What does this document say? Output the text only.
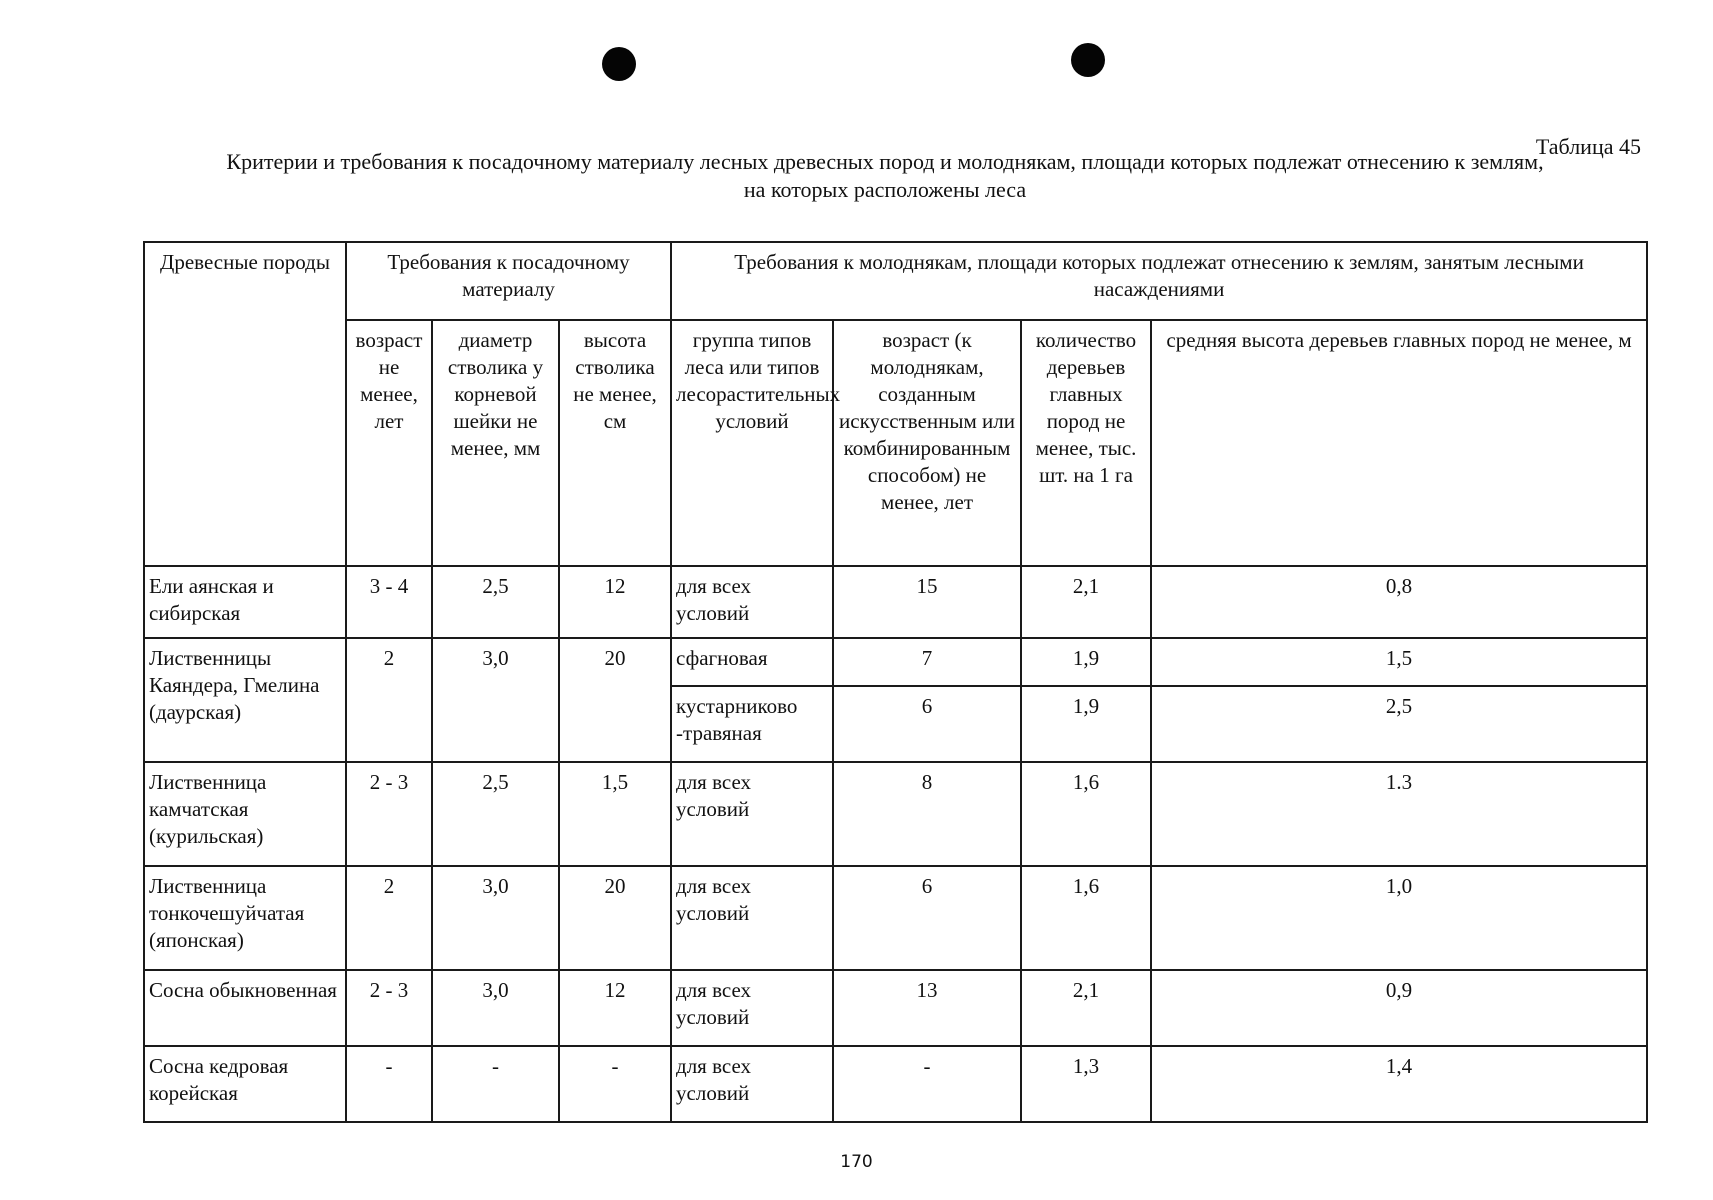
Таблица 45
Критерии и требования к посадочному материалу лесных древесных пород и молоднякам, площади которых подлежат отнесению к землям,
на которых расположены леса
Древесные породы	Требования к посадочному материалу			Требования к молоднякам, площади которых подлежат отнесению к землям, занятым лесными насаждениями			
	возраст не менее, лет	диаметр стволика у корневой шейки не менее, мм	высота стволика не менее, см	группа типов леса или типов лесорастительных условий	возраст (к молоднякам, созданным искусственным или комбинированным способом) не менее, лет	количество деревьев главных пород не менее, тыс. шт. на 1 га	средняя высота деревьев главных пород не менее, м
Ели аянская и сибирская	3 - 4	2,5	12	для всех условий	15	2,1	0,8
Лиственницы Каяндера, Гмелина (даурская)	2	3,0	20	сфагновая	7	1,9	1,5
				кустарниково -травяная	6	1,9	2,5
Лиственница камчатская (курильская)	2 - 3	2,5	1,5	для всех условий	8	1,6	1.3
Лиственница тонкочешуйчатая (японская)	2	3,0	20	для всех условий	6	1,6	1,0
Сосна обыкновенная	2 - 3	3,0	12	для всех условий	13	2,1	0,9
Сосна кедровая корейская	-	-	-	для всех условий	-	1,3	1,4
170
